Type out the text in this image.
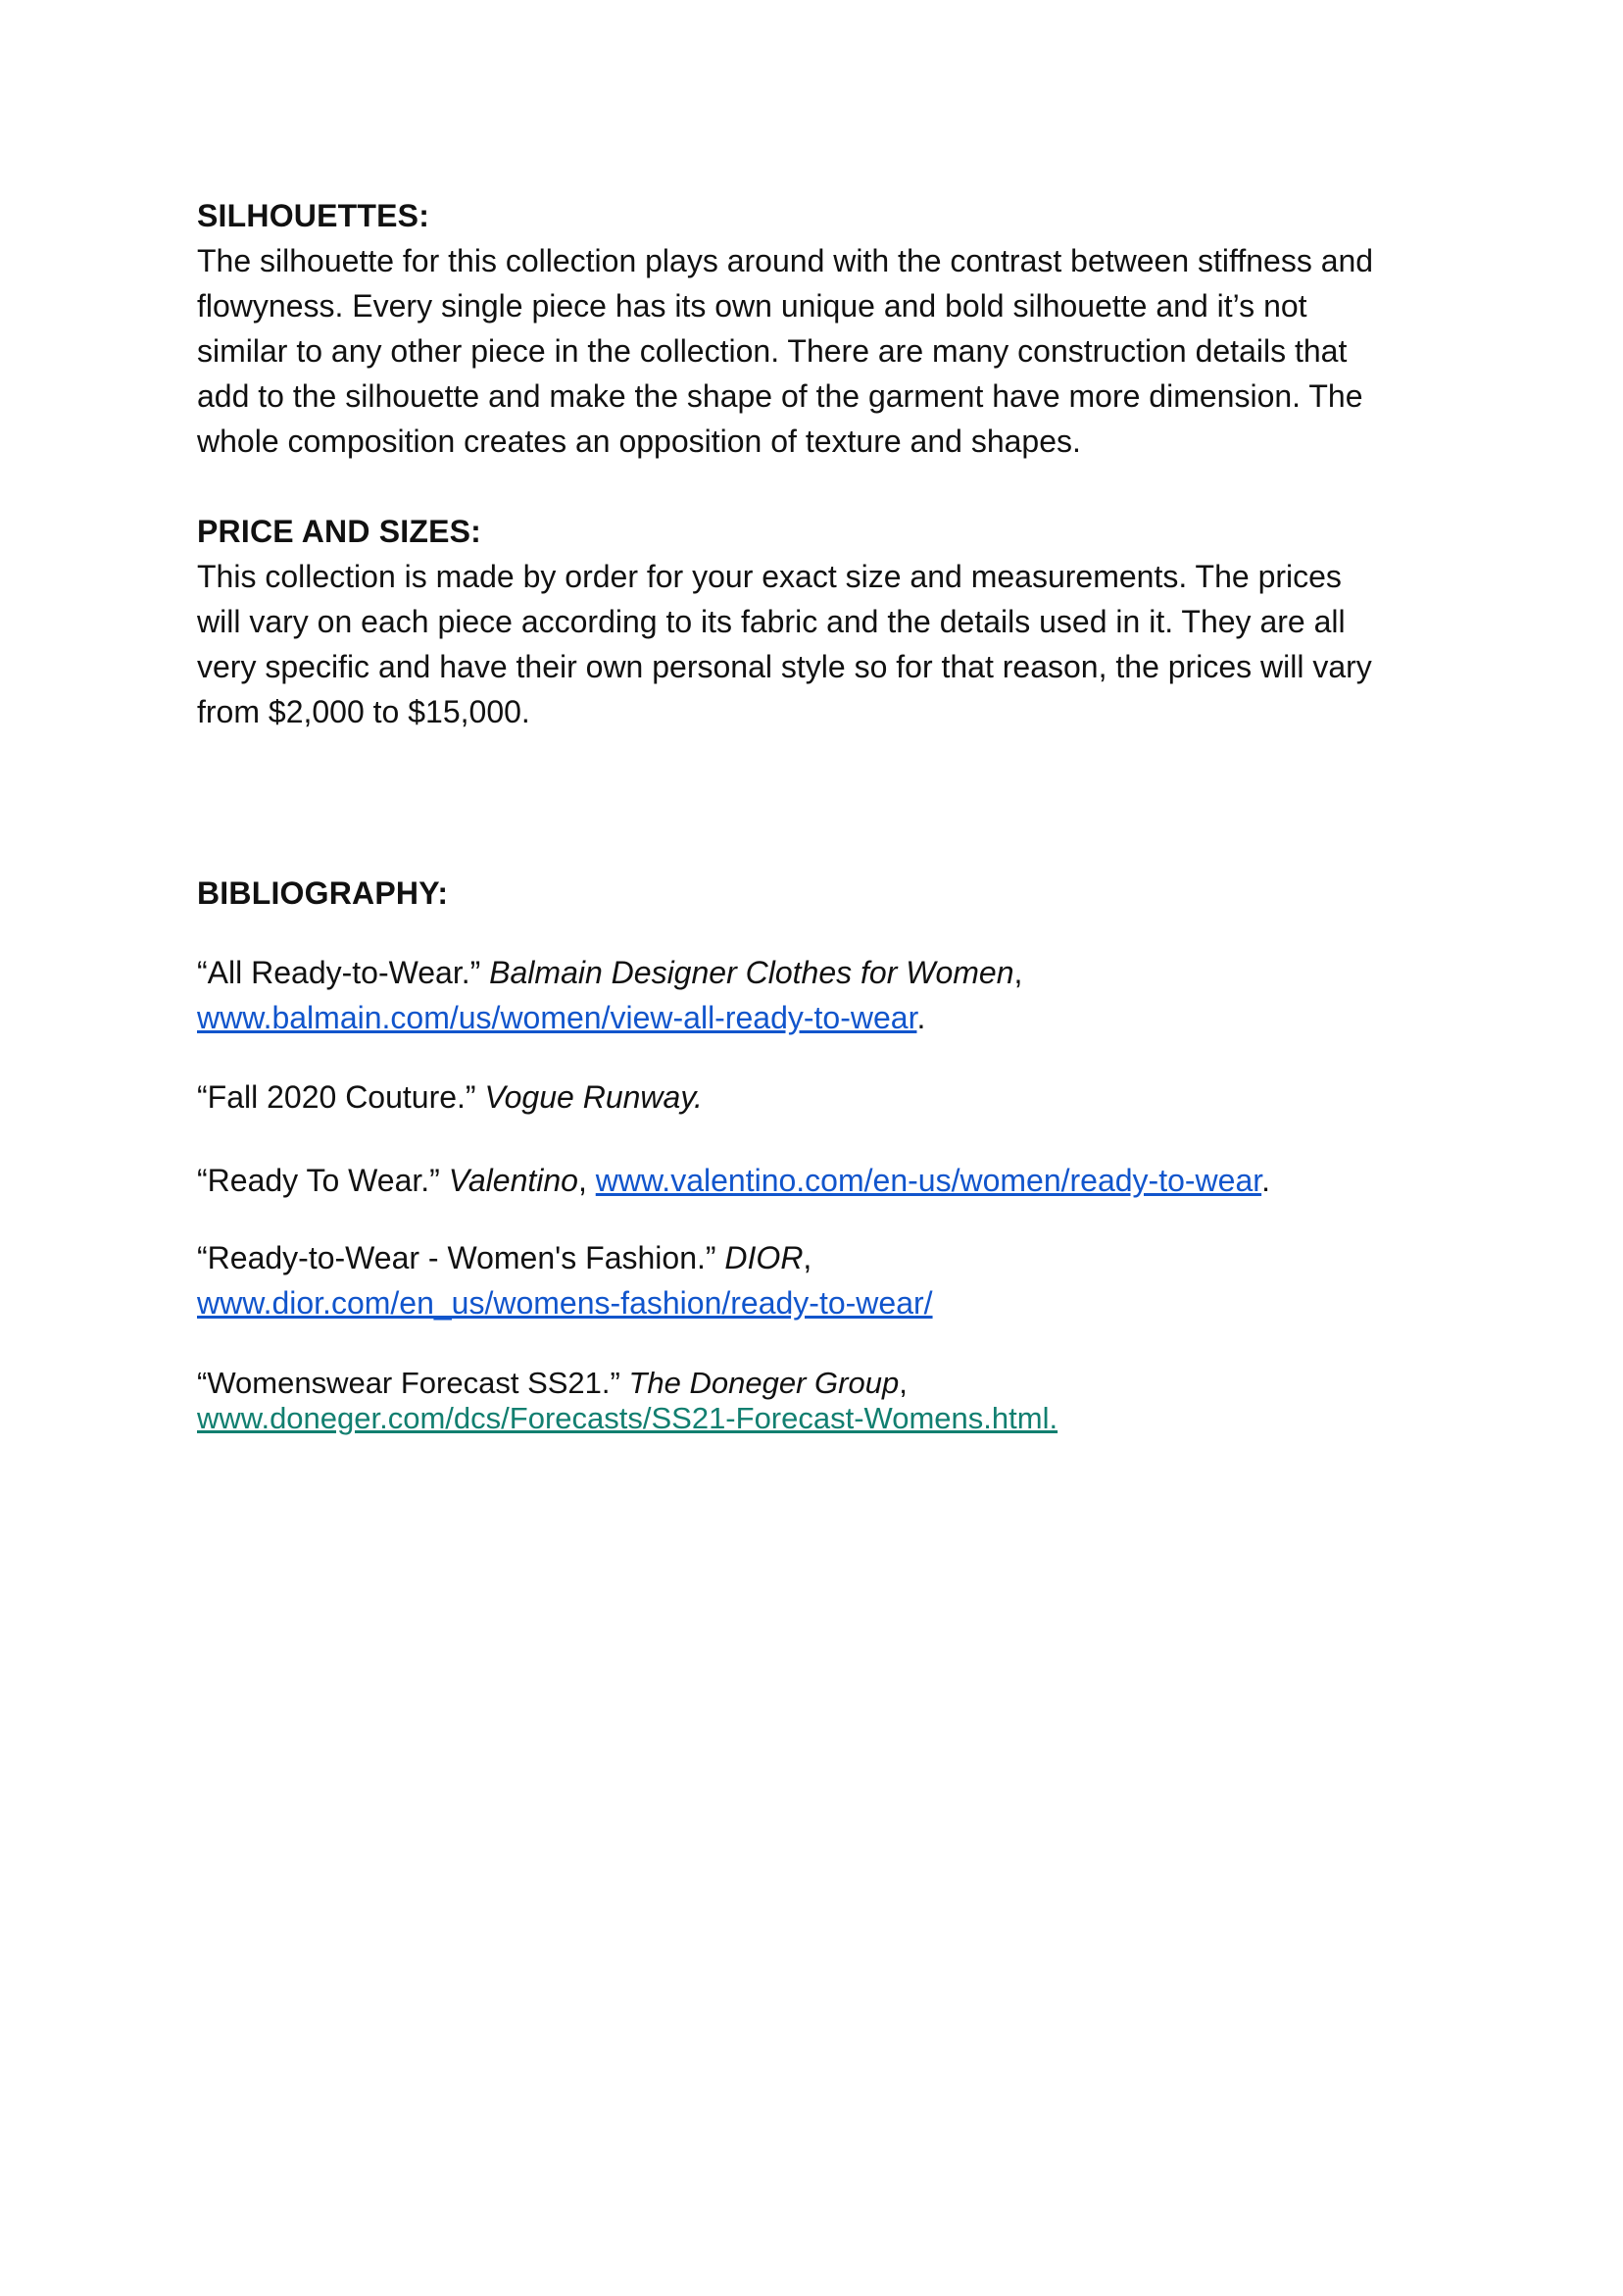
SILHOUETTES:

The silhouette for this collection plays around with the contrast between stiffness and
flowyness. Every single piece has its own unique and bold silhouette and it’s not
similar to any other piece in the collection. There are many construction details that
add to the silhouette and make the shape of the garment have more dimension. The
whole composition creates an opposition of texture and shapes.

PRICE AND SIZES:

This collection is made by order for your exact size and measurements. The prices
will vary on each piece according to its fabric and the details used in it. They are all
very specific and have their own personal style so for that reason, the prices will vary
from $2,000 to $15,000.

BIBLIOGRAPHY:

“All Ready-to-Wear.” Balmain Designer Clothes for Women,
www.balmain.com/us/women/view-all-ready-to-wear.
“Fall 2020 Couture.” Vogue Runway.
“Ready To Wear.” Valentino, www.valentino.com/en-us/women/ready-to-wear.
“Ready-to-Wear - Women's Fashion.” DIOR,
www.dior.com/en_us/womens-fashion/ready-to-wear/
“Womenswear Forecast SS21.” The Doneger Group,
www.doneger.com/dcs/Forecasts/SS21-Forecast-Womens.html.
